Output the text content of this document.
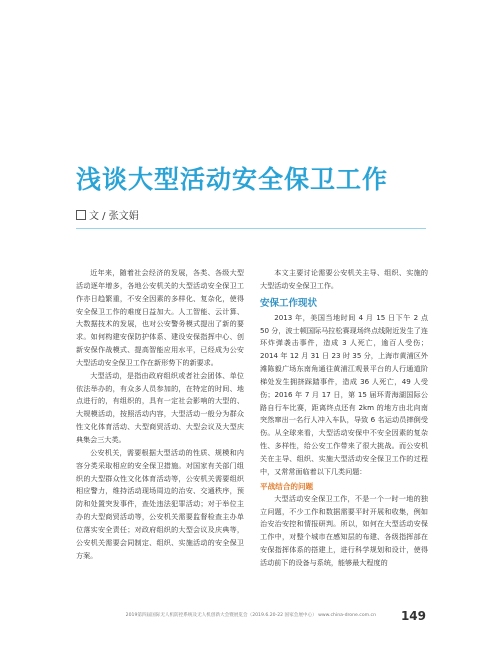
浅谈大型活动安全保卫工作
文 / 张文娟

近年来，随着社会经济的发展，各类、各级大型活动逐年增多，各地公安机关的大型活动安全保卫工作亦日趋繁重，不安全因素的多样化、复杂化，使得安全保卫工作的难度日益加大。人工智能、云计算、大数据技术的发展，也对公安警务模式提出了新的要求。如何构建安保防护体系、建设安保指挥中心、创新安保作战模式、提高智能应用水平，已经成为公安大型活动安全保卫工作在新形势下的新要求。

大型活动，是指由政府组织或者社会团体、单位依法举办的，有众多人员参加的，在特定的时间、地点进行的，有组织的，具有一定社会影响的大型的、大规模活动，按照活动内容，大型活动一般分为群众性文化体育活动、大型商贸活动、大型会议及大型庆典集会三大类。

公安机关，需要根据大型活动的性质、规模和内容分类采取相应的安全保卫措施。对国家有关部门组织的大型群众性文化体育活动等，公安机关需要组织相应警力，维持活动现场周边的治安、交通秩序，预防和处置突发事件，查处违法犯罪活动；对于举位主办的大型商贸活动等，公安机关需要监督检查主办单位落实安全责任；对政府组织的大型会议及庆典等，公安机关需要会同制定、组织、实施活动的安全保卫方案。

本文主要讨论需要公安机关主导、组织、实施的大型活动安全保卫工作。

安保工作现状

2013 年，美国当地时间 4 月 15 日下午 2 点 50 分，波士顿国际马拉松赛现场终点线附近发生了连环炸弹袭击事件，造成 3 人死亡，逾百人受伤；2014 年 12 月 31 日 23 时 35 分，上海市黄浦区外滩陈毅广场东南角通往黄浦江观景平台的人行通道阶梯处发生拥挤踩踏事件，造成 36 人死亡，49 人受伤；2016 年 7 月 17 日，第 15 届环青海湖国际公路自行车比赛，距离终点还有 2km 的地方由北向南突然窜出一名行人冲入车队，导致 6 名运动员摔倒受伤。从全球来看，大型活动安保中不安全因素的复杂性、多样性，给公安工作带来了很大挑战。而公安机关在主导、组织、实施大型活动安全保卫工作的过程中，又常常面临着以下几类问题：

平战结合的问题

大型活动安全保卫工作，不是一个一时一地的独立问题，不少工作和数据需要平时开展和收集，例如治安治安控和情报研判。所以，如何在大型活动安保工作中，对整个城市在感知层的布建、各级指挥部在安保指挥体系的搭建上，进行科学规划和设计，使得活动前下的设备与系统，能够最大程度的

2019第四届国际无人机防控系统及无人机创新大会暨展览会（2019.6.20-22 国家会展中心） www.china-drone.com.cn 149
